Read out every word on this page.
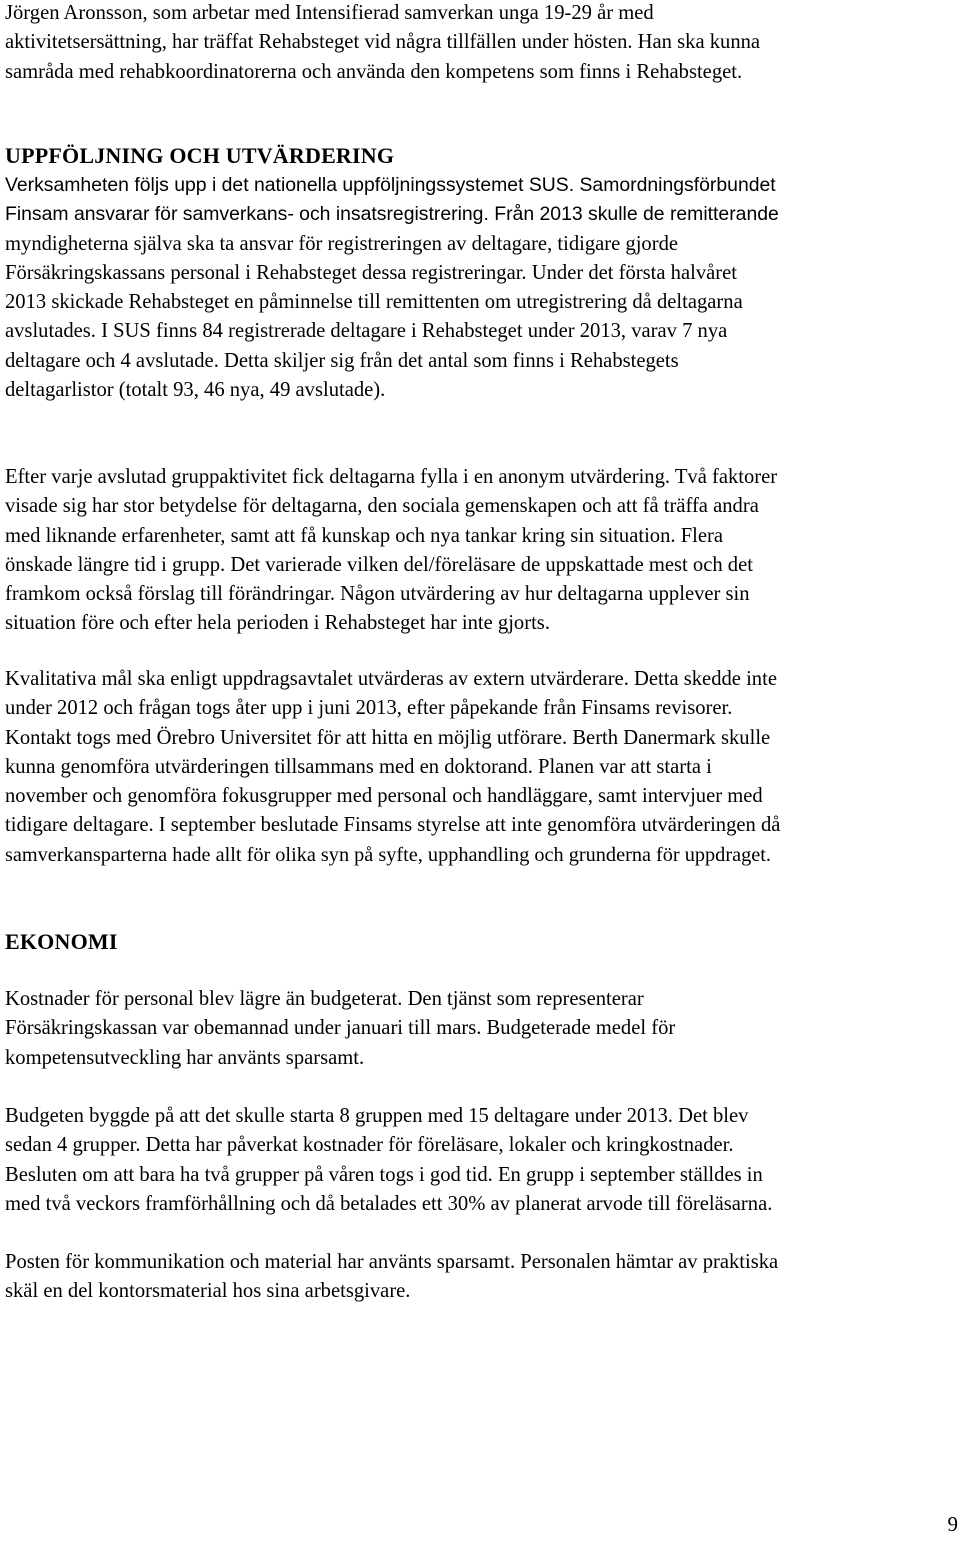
Jörgen Aronsson, som arbetar med Intensifierad samverkan unga 19-29 år med
aktivitetsersättning, har träffat Rehabsteget vid några tillfällen under hösten. Han ska kunna
samråda med rehabkoordinatorerna och använda den kompetens som finns i Rehabsteget.
UPPFÖLJNING OCH UTVÄRDERING
Verksamheten följs upp i det nationella uppföljningssystemet SUS. Samordningsförbundet
Finsam ansvarar för samverkans- och insatsregistrering. Från 2013 skulle de remitterande
myndigheterna själva ska ta ansvar för registreringen av deltagare, tidigare gjorde
Försäkringskassans personal i Rehabsteget dessa registreringar. Under det första halvåret
2013 skickade Rehabsteget en påminnelse till remittenten om utregistrering då deltagarna
avslutades. I SUS finns 84 registrerade deltagare i Rehabsteget under 2013, varav 7 nya
deltagare och 4 avslutade. Detta skiljer sig från det antal som finns i Rehabstegets
deltagarlistor (totalt 93, 46 nya, 49 avslutade).
Efter varje avslutad gruppaktivitet fick deltagarna fylla i en anonym utvärdering. Två faktorer
visade sig har stor betydelse för deltagarna, den sociala gemenskapen och att få träffa andra
med liknande erfarenheter, samt att få kunskap och nya tankar kring sin situation. Flera
önskade längre tid i grupp. Det varierade vilken del/föreläsare de uppskattade mest och det
framkom också förslag till förändringar. Någon utvärdering av hur deltagarna upplever sin
situation före och efter hela perioden i Rehabsteget har inte gjorts.
Kvalitativa mål ska enligt uppdragsavtalet utvärderas av extern utvärderare. Detta skedde inte
under 2012 och frågan togs åter upp i juni 2013, efter påpekande från Finsams revisorer.
Kontakt togs med Örebro Universitet för att hitta en möjlig utförare. Berth Danermark skulle
kunna genomföra utvärderingen tillsammans med en doktorand. Planen var att starta i
november och genomföra fokusgrupper med personal och handläggare, samt intervjuer med
tidigare deltagare. I september beslutade Finsams styrelse att inte genomföra utvärderingen då
samverkansparterna hade allt för olika syn på syfte, upphandling och grunderna för uppdraget.
EKONOMI
Kostnader för personal blev lägre än budgeterat. Den tjänst som representerar
Försäkringskassan var obemannad under januari till mars. Budgeterade medel för
kompetensutveckling har använts sparsamt.
Budgeten byggde på att det skulle starta 8 gruppen med 15 deltagare under 2013. Det blev
sedan 4 grupper. Detta har påverkat kostnader för föreläsare, lokaler och kringkostnader.
Besluten om att bara ha två grupper på våren togs i god tid. En grupp i september ställdes in
med två veckors framförhållning och då betalades ett 30% av planerat arvode till föreläsarna.
Posten för kommunikation och material har använts sparsamt. Personalen hämtar av praktiska
skäl en del kontorsmaterial hos sina arbetsgivare.
9
